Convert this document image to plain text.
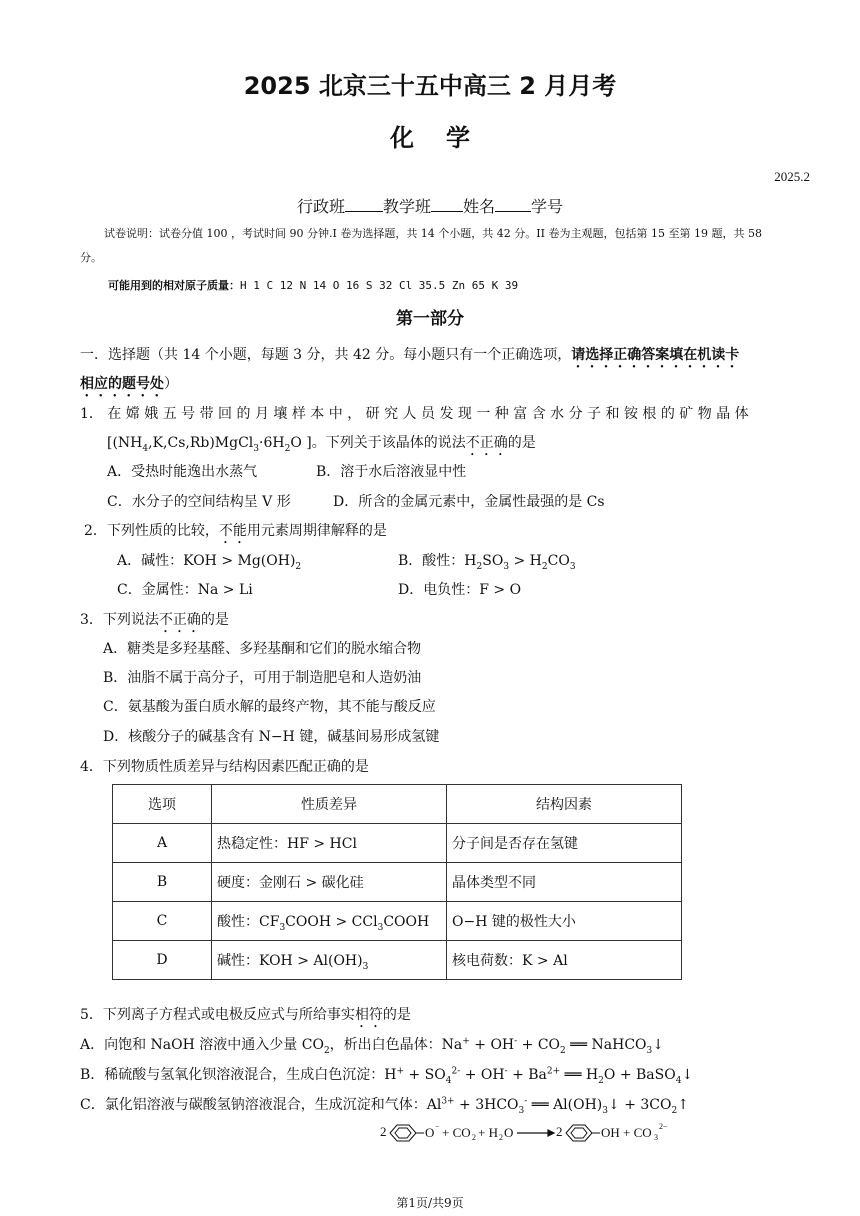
2025 北京三十五中高三 2 月月考
化学
2025.2
行政班 教学班 姓名 学号
试卷说明：试卷分值 100 ，考试时间 90 分钟.I 卷为选择题，共 14 个小题，共 42 分。II 卷为主观题，包括第 15 至第 19 题，共 58 分。
可能用到的相对原子质量：H 1 C 12 N 14 O 16 S 32 Cl 35.5 Zn 65 K 39
第一部分
一．选择题（共 14 个小题，每题 3 分，共 42 分。每小题只有一个正确选项，请选择正确答案填在机读卡
相应的题号处）
1． 在 嫦 娥 五 号 带 回 的 月 壤 样 本 中 ， 研 究 人 员 发 现 一 种 富 含 水 分 子 和 铵 根 的 矿 物 晶 体
[$(NH_4,K,Cs,Rb)MgCl_3\cdot 6H_2O$ ]。下列关于该晶体的说法不正确的是
A．受热时能逸出水蒸气	B．溶于水后溶液显中性
C．水分子的空间结构呈 V 形	D．所含的金属元素中，金属性最强的是 Cs
2．下列性质的比较，不能用元素周期律解释的是
A．碱性：KOH > $Mg(OH)_2$	B．酸性：$H_2SO_3 > H_2CO_3$
C．金属性：Na > Li	D．电负性：F > O
3．下列说法不正确的是
A．糖类是多羟基醛、多羟基酮和它们的脱水缩合物
B．油脂不属于高分子，可用于制造肥皂和人造奶油
C．氨基酸为蛋白质水解的最终产物，其不能与酸反应
D．核酸分子的碱基含有 N−H 键，碱基间易形成氢键
4．下列物质性质差异与结构因素匹配正确的是
选项	性质差异	结构因素
A	热稳定性：HF > HCl	分子间是否存在氢键
B	硬度：金刚石 > 碳化硅	晶体类型不同
C	酸性：$CF_3COOH$ > CCl$_3$COOH	O−H 键的极性大小
D	碱性：KOH > $Al(OH)_3$	核电荷数：K > Al
5．下列离子方程式或电极反应式与所给事实相符的是
A．向饱和 NaOH 溶液中通入少量 $CO_2$，析出白色晶体：$Na^+ + OH^- + CO_2$ ══ NaHCO$_3$↓
B．稀硫酸与氢氧化钡溶液混合，生成白色沉淀：$H^+ + SO_4^{2-} + OH^- + Ba^{2+}$ ══ $H_2O$ + BaSO$_4$↓
C．氯化铝溶液与碳酸氢钠溶液混合，生成沉淀和气体：$Al^{3+} + 3HCO_3^-$ ══ $Al(OH)_3↓$ + $3CO_2↑$
2	O − + CO 2 + H 2 O	2	OH + CO 3
2−
第1页/共9页
